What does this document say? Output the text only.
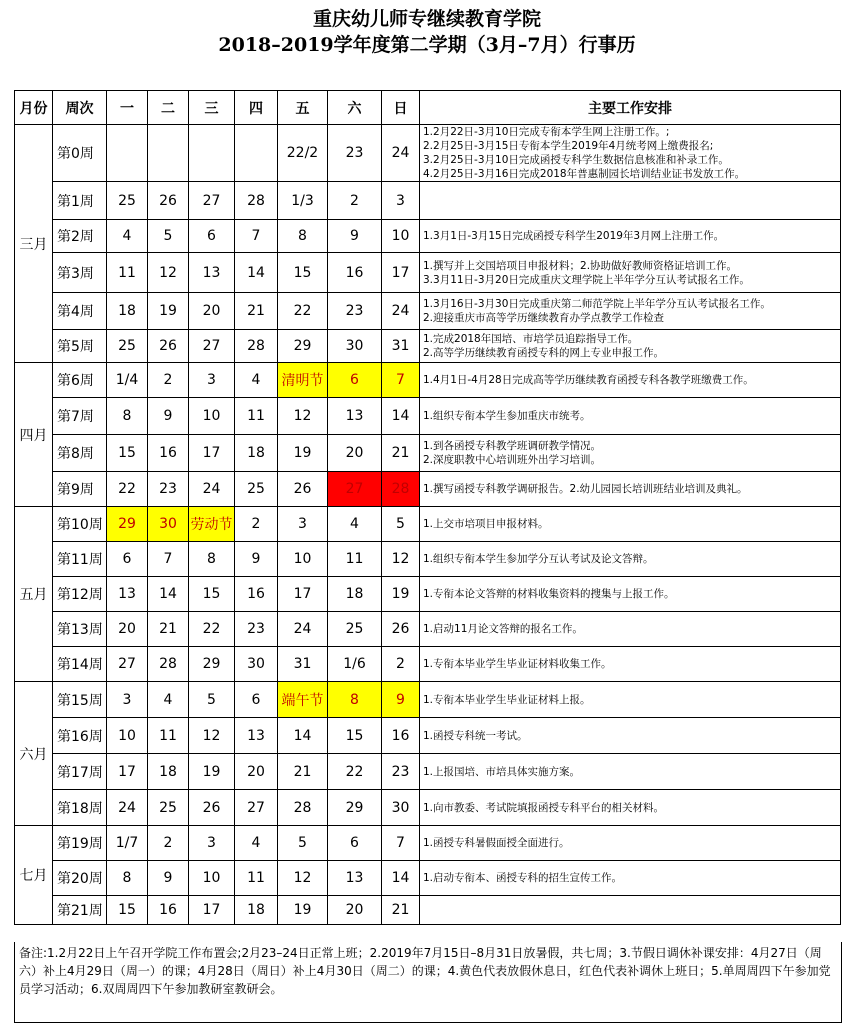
重庆幼儿师专继续教育学院
2018–2019学年度第二学期（3月–7月）行事历
月份	周次	一	二	三	四	五	六	日	主要工作安排
三月	第0周					22/2	23	24	1.2月22日-3月10日完成专衔本学生网上注册工作。;
2.2月25日-3月15日专衔本学生2019年4月统考网上缴费报名;
3.2月25日-3月10日完成函授专科学生数据信息核准和补录工作。
4.2月25日-3月16日完成2018年普惠制园长培训结业证书发放工作。

	第1周	25	26	27	28	1/3	2	3	
	第2周	4	5	6	7	8	9	10	1.3月1日-3月15日完成函授专科学生2019年3月网上注册工作。

	第3周	11	12	13	14	15	16	17	1.撰写并上交国培项目申报材料；2.协助做好教师资格证培训工作。
3.3月11日-3月20日完成重庆文理学院上半年学分互认考试报名工作。

	第4周	18	19	20	21	22	23	24	1.3月16日-3月30日完成重庆第二师范学院上半年学分互认考试报名工作。
2.迎接重庆市高等学历继续教育办学点教学工作检查

	第5周	25	26	27	28	29	30	31	1.完成2018年国培、市培学员追踪指导工作。
2.高等学历继续教育函授专科的网上专业申报工作。

四月	第6周	1/4	2	3	4	清明节	6	7	1.4月1日-4月28日完成高等学历继续教育函授专科各教学班缴费工作。

	第7周	8	9	10	11	12	13	14	1.组织专衔本学生参加重庆市统考。

	第8周	15	16	17	18	19	20	21	1.到各函授专科教学班调研教学情况。
2.深度职教中心培训班外出学习培训。

	第9周	22	23	24	25	26	27	28	1.撰写函授专科教学调研报告。2.幼儿园园长培训班结业培训及典礼。

五月	第10周	29	30	劳动节	2	3	4	5	1.上交市培项目申报材料。

	第11周	6	7	8	9	10	11	12	1.组织专衔本学生参加学分互认考试及论文答辩。

	第12周	13	14	15	16	17	18	19	1.专衔本论文答辩的材料收集资料的搜集与上报工作。

	第13周	20	21	22	23	24	25	26	1.启动11月论文答辩的报名工作。

	第14周	27	28	29	30	31	1/6	2	1.专衔本毕业学生毕业证材料收集工作。

六月	第15周	3	4	5	6	端午节	8	9	1.专衔本毕业学生毕业证材料上报。

	第16周	10	11	12	13	14	15	16	1.函授专科统一考试。

	第17周	17	18	19	20	21	22	23	1.上报国培、市培具体实施方案。

	第18周	24	25	26	27	28	29	30	1.向市教委、考试院填报函授专科平台的相关材料。

七月	第19周	1/7	2	3	4	5	6	7	1.函授专科暑假面授全面进行。

	第20周	8	9	10	11	12	13	14	1.启动专衔本、函授专科的招生宣传工作。

	第21周	15	16	17	18	19	20	21	
备注:1.2月22日上午召开学院工作布置会;2月23–24日正常上班；2.2019年7月15日–8月31日放暑假，共七周；3.节假日调休补课安排：4月27日（周六）补上4月29日（周一）的课；4月28日（周日）补上4月30日（周二）的课；4.黄色代表放假休息日，红色代表补调休上班日；5.单周周四下午参加党员学习活动；6.双周周四下午参加教研室教研会。
